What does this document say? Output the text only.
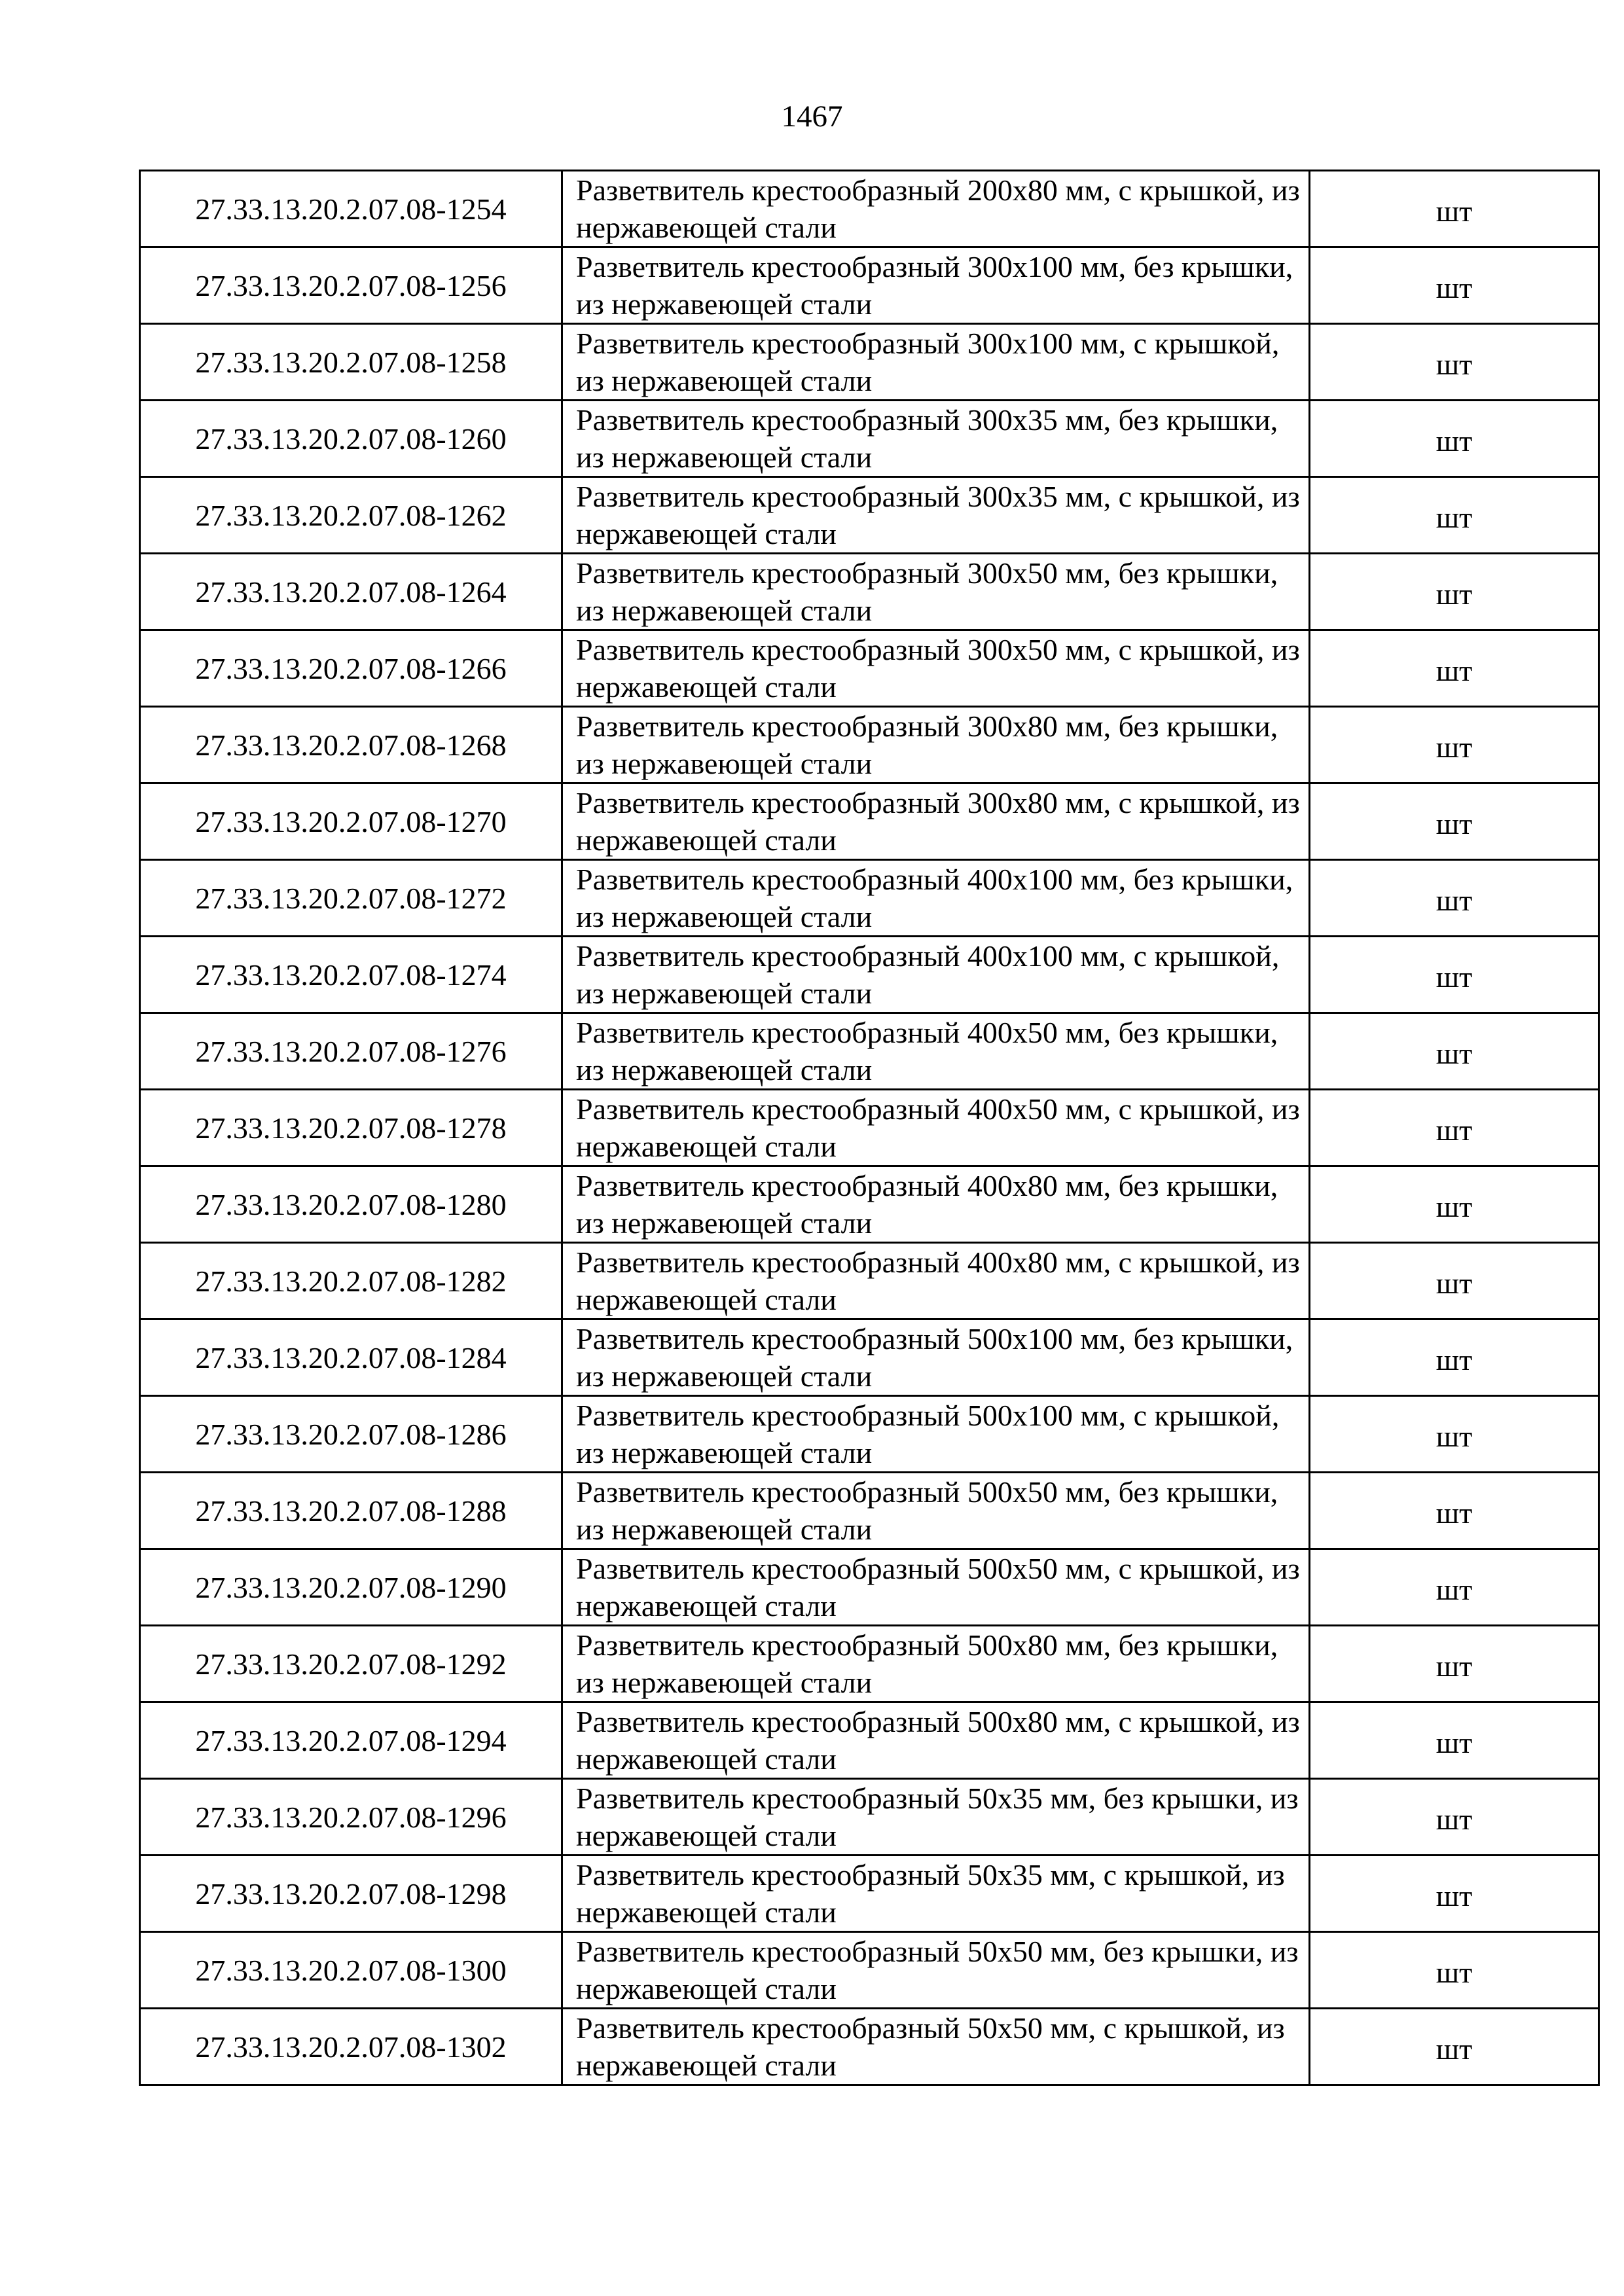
1467
27.33.13.20.2.07.08-1254	Разветвитель крестообразный 200х80 мм, с крышкой, из нержавеющей стали	шт
27.33.13.20.2.07.08-1256	Разветвитель крестообразный 300х100 мм, без крышки, из нержавеющей стали	шт
27.33.13.20.2.07.08-1258	Разветвитель крестообразный 300х100 мм, с крышкой, из нержавеющей стали	шт
27.33.13.20.2.07.08-1260	Разветвитель крестообразный 300х35 мм, без крышки, из нержавеющей стали	шт
27.33.13.20.2.07.08-1262	Разветвитель крестообразный 300х35 мм, с крышкой, из нержавеющей стали	шт
27.33.13.20.2.07.08-1264	Разветвитель крестообразный 300х50 мм, без крышки, из нержавеющей стали	шт
27.33.13.20.2.07.08-1266	Разветвитель крестообразный 300х50 мм, с крышкой, из нержавеющей стали	шт
27.33.13.20.2.07.08-1268	Разветвитель крестообразный 300х80 мм, без крышки, из нержавеющей стали	шт
27.33.13.20.2.07.08-1270	Разветвитель крестообразный 300х80 мм, с крышкой, из нержавеющей стали	шт
27.33.13.20.2.07.08-1272	Разветвитель крестообразный 400х100 мм, без крышки, из нержавеющей стали	шт
27.33.13.20.2.07.08-1274	Разветвитель крестообразный 400х100 мм, с крышкой, из нержавеющей стали	шт
27.33.13.20.2.07.08-1276	Разветвитель крестообразный 400х50 мм, без крышки, из нержавеющей стали	шт
27.33.13.20.2.07.08-1278	Разветвитель крестообразный 400х50 мм, с крышкой, из нержавеющей стали	шт
27.33.13.20.2.07.08-1280	Разветвитель крестообразный 400х80 мм, без крышки, из нержавеющей стали	шт
27.33.13.20.2.07.08-1282	Разветвитель крестообразный 400х80 мм, с крышкой, из нержавеющей стали	шт
27.33.13.20.2.07.08-1284	Разветвитель крестообразный 500х100 мм, без крышки, из нержавеющей стали	шт
27.33.13.20.2.07.08-1286	Разветвитель крестообразный 500х100 мм, с крышкой, из нержавеющей стали	шт
27.33.13.20.2.07.08-1288	Разветвитель крестообразный 500х50 мм, без крышки, из нержавеющей стали	шт
27.33.13.20.2.07.08-1290	Разветвитель крестообразный 500х50 мм, с крышкой, из нержавеющей стали	шт
27.33.13.20.2.07.08-1292	Разветвитель крестообразный 500х80 мм, без крышки, из нержавеющей стали	шт
27.33.13.20.2.07.08-1294	Разветвитель крестообразный 500х80 мм, с крышкой, из нержавеющей стали	шт
27.33.13.20.2.07.08-1296	Разветвитель крестообразный 50х35 мм, без крышки, из нержавеющей стали	шт
27.33.13.20.2.07.08-1298	Разветвитель крестообразный 50х35 мм, с крышкой, из нержавеющей стали	шт
27.33.13.20.2.07.08-1300	Разветвитель крестообразный 50х50 мм, без крышки, из нержавеющей стали	шт
27.33.13.20.2.07.08-1302	Разветвитель крестообразный 50х50 мм, с крышкой, из нержавеющей стали	шт
